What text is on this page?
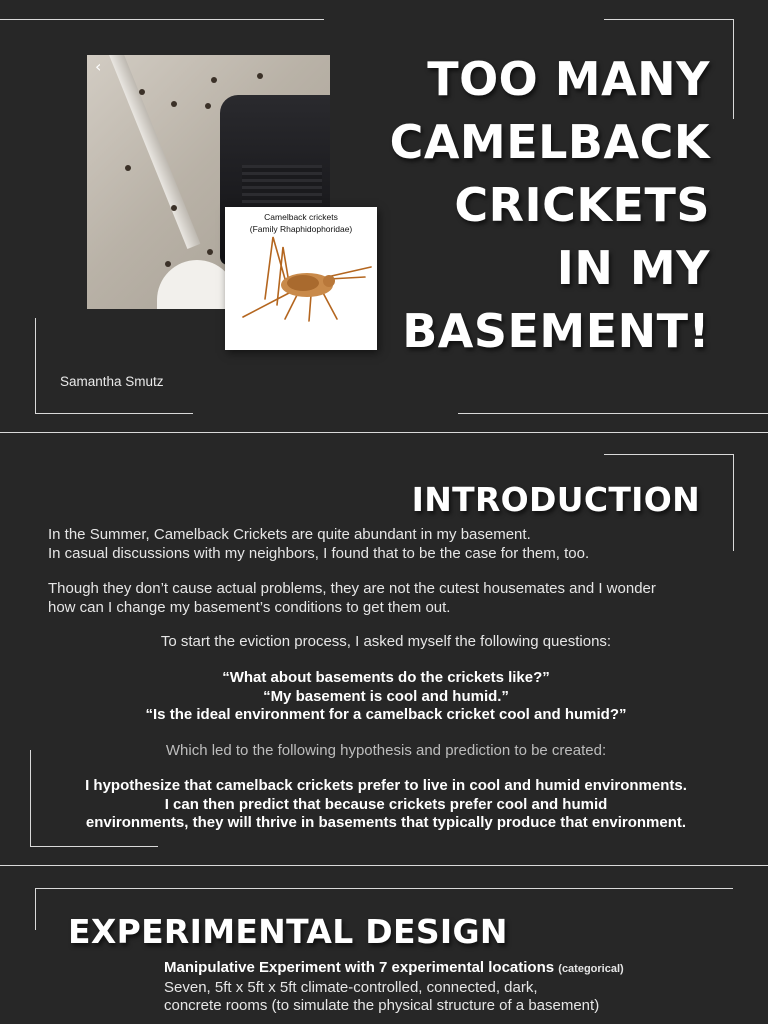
TOO MANY
CAMELBACK
CRICKETS
IN MY
BASEMENT!
‹
Camelback crickets
(Family Rhaphidophoridae)
Samantha Smutz
INTRODUCTION
In the Summer, Camelback Crickets are quite abundant in my basement.
In casual discussions with my neighbors, I found that to be the case for them, too.
Though they don’t cause actual problems, they are not the cutest housemates and I wonder
how can I change my basement’s conditions to get them out.
To start the eviction process, I asked myself the following questions:
“What about basements do the crickets like?”
“My basement is cool and humid.”
“Is the ideal environment for a camelback cricket cool and humid?”
Which led to the following hypothesis and prediction to be created:
I hypothesize that camelback crickets prefer to live in cool and humid environments.
I can then predict that because crickets prefer cool and humid
environments, they will thrive in basements that typically produce that environment.
EXPERIMENTAL DESIGN
Manipulative Experiment with 7 experimental locations (categorical)
Seven, 5ft x 5ft x 5ft climate-controlled, connected, dark,
concrete rooms (to simulate the physical structure of a basement)
